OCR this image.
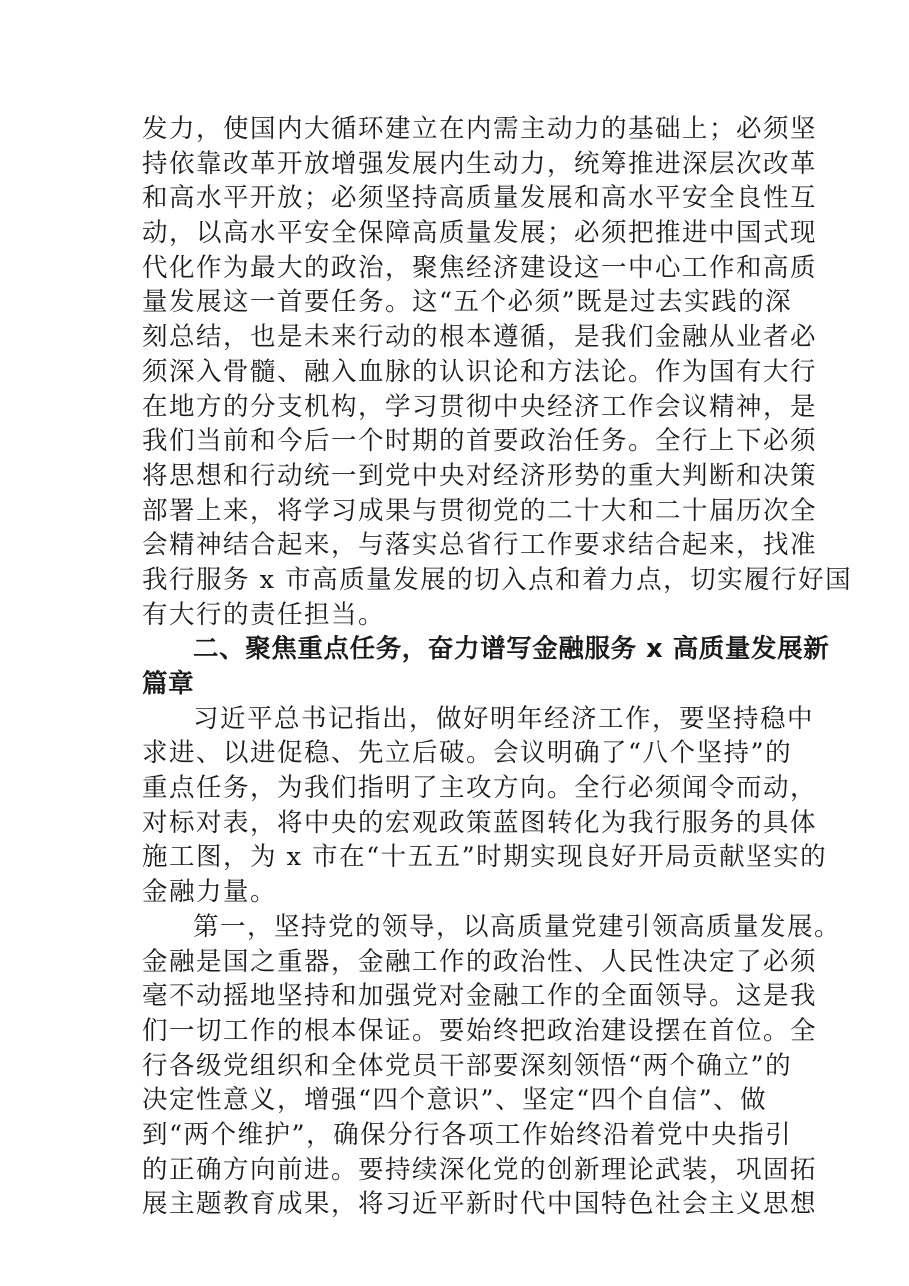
发力，使国内大循环建立在内需主动力的基础上；必须坚
持依靠改革开放增强发展内生动力，统筹推进深层次改革
和高水平开放；必须坚持高质量发展和高水平安全良性互
动，以高水平安全保障高质量发展；必须把推进中国式现
代化作为最大的政治，聚焦经济建设这一中心工作和高质
量发展这一首要任务。这“五个必须”既是过去实践的深
刻总结，也是未来行动的根本遵循，是我们金融从业者必
须深入骨髓、融入血脉的认识论和方法论。作为国有大行
在地方的分支机构，学习贯彻中央经济工作会议精神，是
我们当前和今后一个时期的首要政治任务。全行上下必须
将思想和行动统一到党中央对经济形势的重大判断和决策
部署上来，将学习成果与贯彻党的二十大和二十届历次全
会精神结合起来，与落实总省行工作要求结合起来，找准
我行服务 x 市高质量发展的切入点和着力点，切实履行好国
有大行的责任担当。
二、聚焦重点任务，奋力谱写金融服务 x 高质量发展新
篇章
习近平总书记指出，做好明年经济工作，要坚持稳中
求进、以进促稳、先立后破。会议明确了“八个坚持”的
重点任务，为我们指明了主攻方向。全行必须闻令而动，
对标对表，将中央的宏观政策蓝图转化为我行服务的具体
施工图，为 x 市在“十五五”时期实现良好开局贡献坚实的
金融力量。
第一，坚持党的领导，以高质量党建引领高质量发展。
金融是国之重器，金融工作的政治性、人民性决定了必须
毫不动摇地坚持和加强党对金融工作的全面领导。这是我
们一切工作的根本保证。要始终把政治建设摆在首位。全
行各级党组织和全体党员干部要深刻领悟“两个确立”的
决定性意义，增强“四个意识”、坚定“四个自信”、做
到“两个维护”，确保分行各项工作始终沿着党中央指引
的正确方向前进。要持续深化党的创新理论武装，巩固拓
展主题教育成果，将习近平新时代中国特色社会主义思想
